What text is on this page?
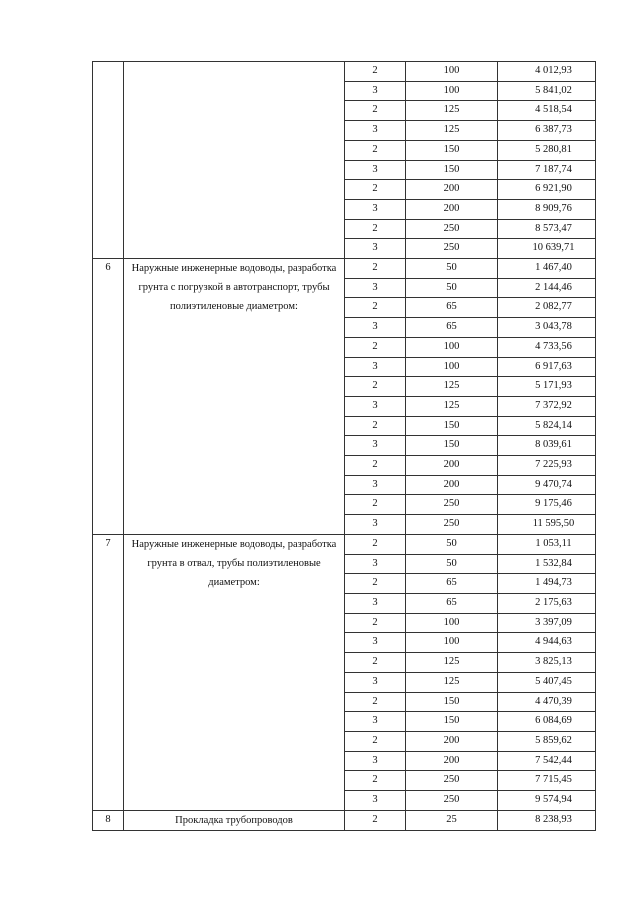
		2	100	4 012,93
		3	100	5 841,02
		2	125	4 518,54
		3	125	6 387,73
		2	150	5 280,81
		3	150	7 187,74
		2	200	6 921,90
		3	200	8 909,76
		2	250	8 573,47
		3	250	10 639,71
6	Наружные инженерные водоводы, разработка грунта с погрузкой в автотранспорт, трубы полиэтиленовые диаметром:	2	50	1 467,40
		3	50	2 144,46
		2	65	2 082,77
		3	65	3 043,78
		2	100	4 733,56
		3	100	6 917,63
		2	125	5 171,93
		3	125	7 372,92
		2	150	5 824,14
		3	150	8 039,61
		2	200	7 225,93
		3	200	9 470,74
		2	250	9 175,46
		3	250	11 595,50
7	Наружные инженерные водоводы, разработка грунта в отвал, трубы полиэтиленовые диаметром:	2	50	1 053,11
		3	50	1 532,84
		2	65	1 494,73
		3	65	2 175,63
		2	100	3 397,09
		3	100	4 944,63
		2	125	3 825,13
		3	125	5 407,45
		2	150	4 470,39
		3	150	6 084,69
		2	200	5 859,62
		3	200	7 542,44
		2	250	7 715,45
		3	250	9 574,94
8	Прокладка трубопроводов	2	25	8 238,93
